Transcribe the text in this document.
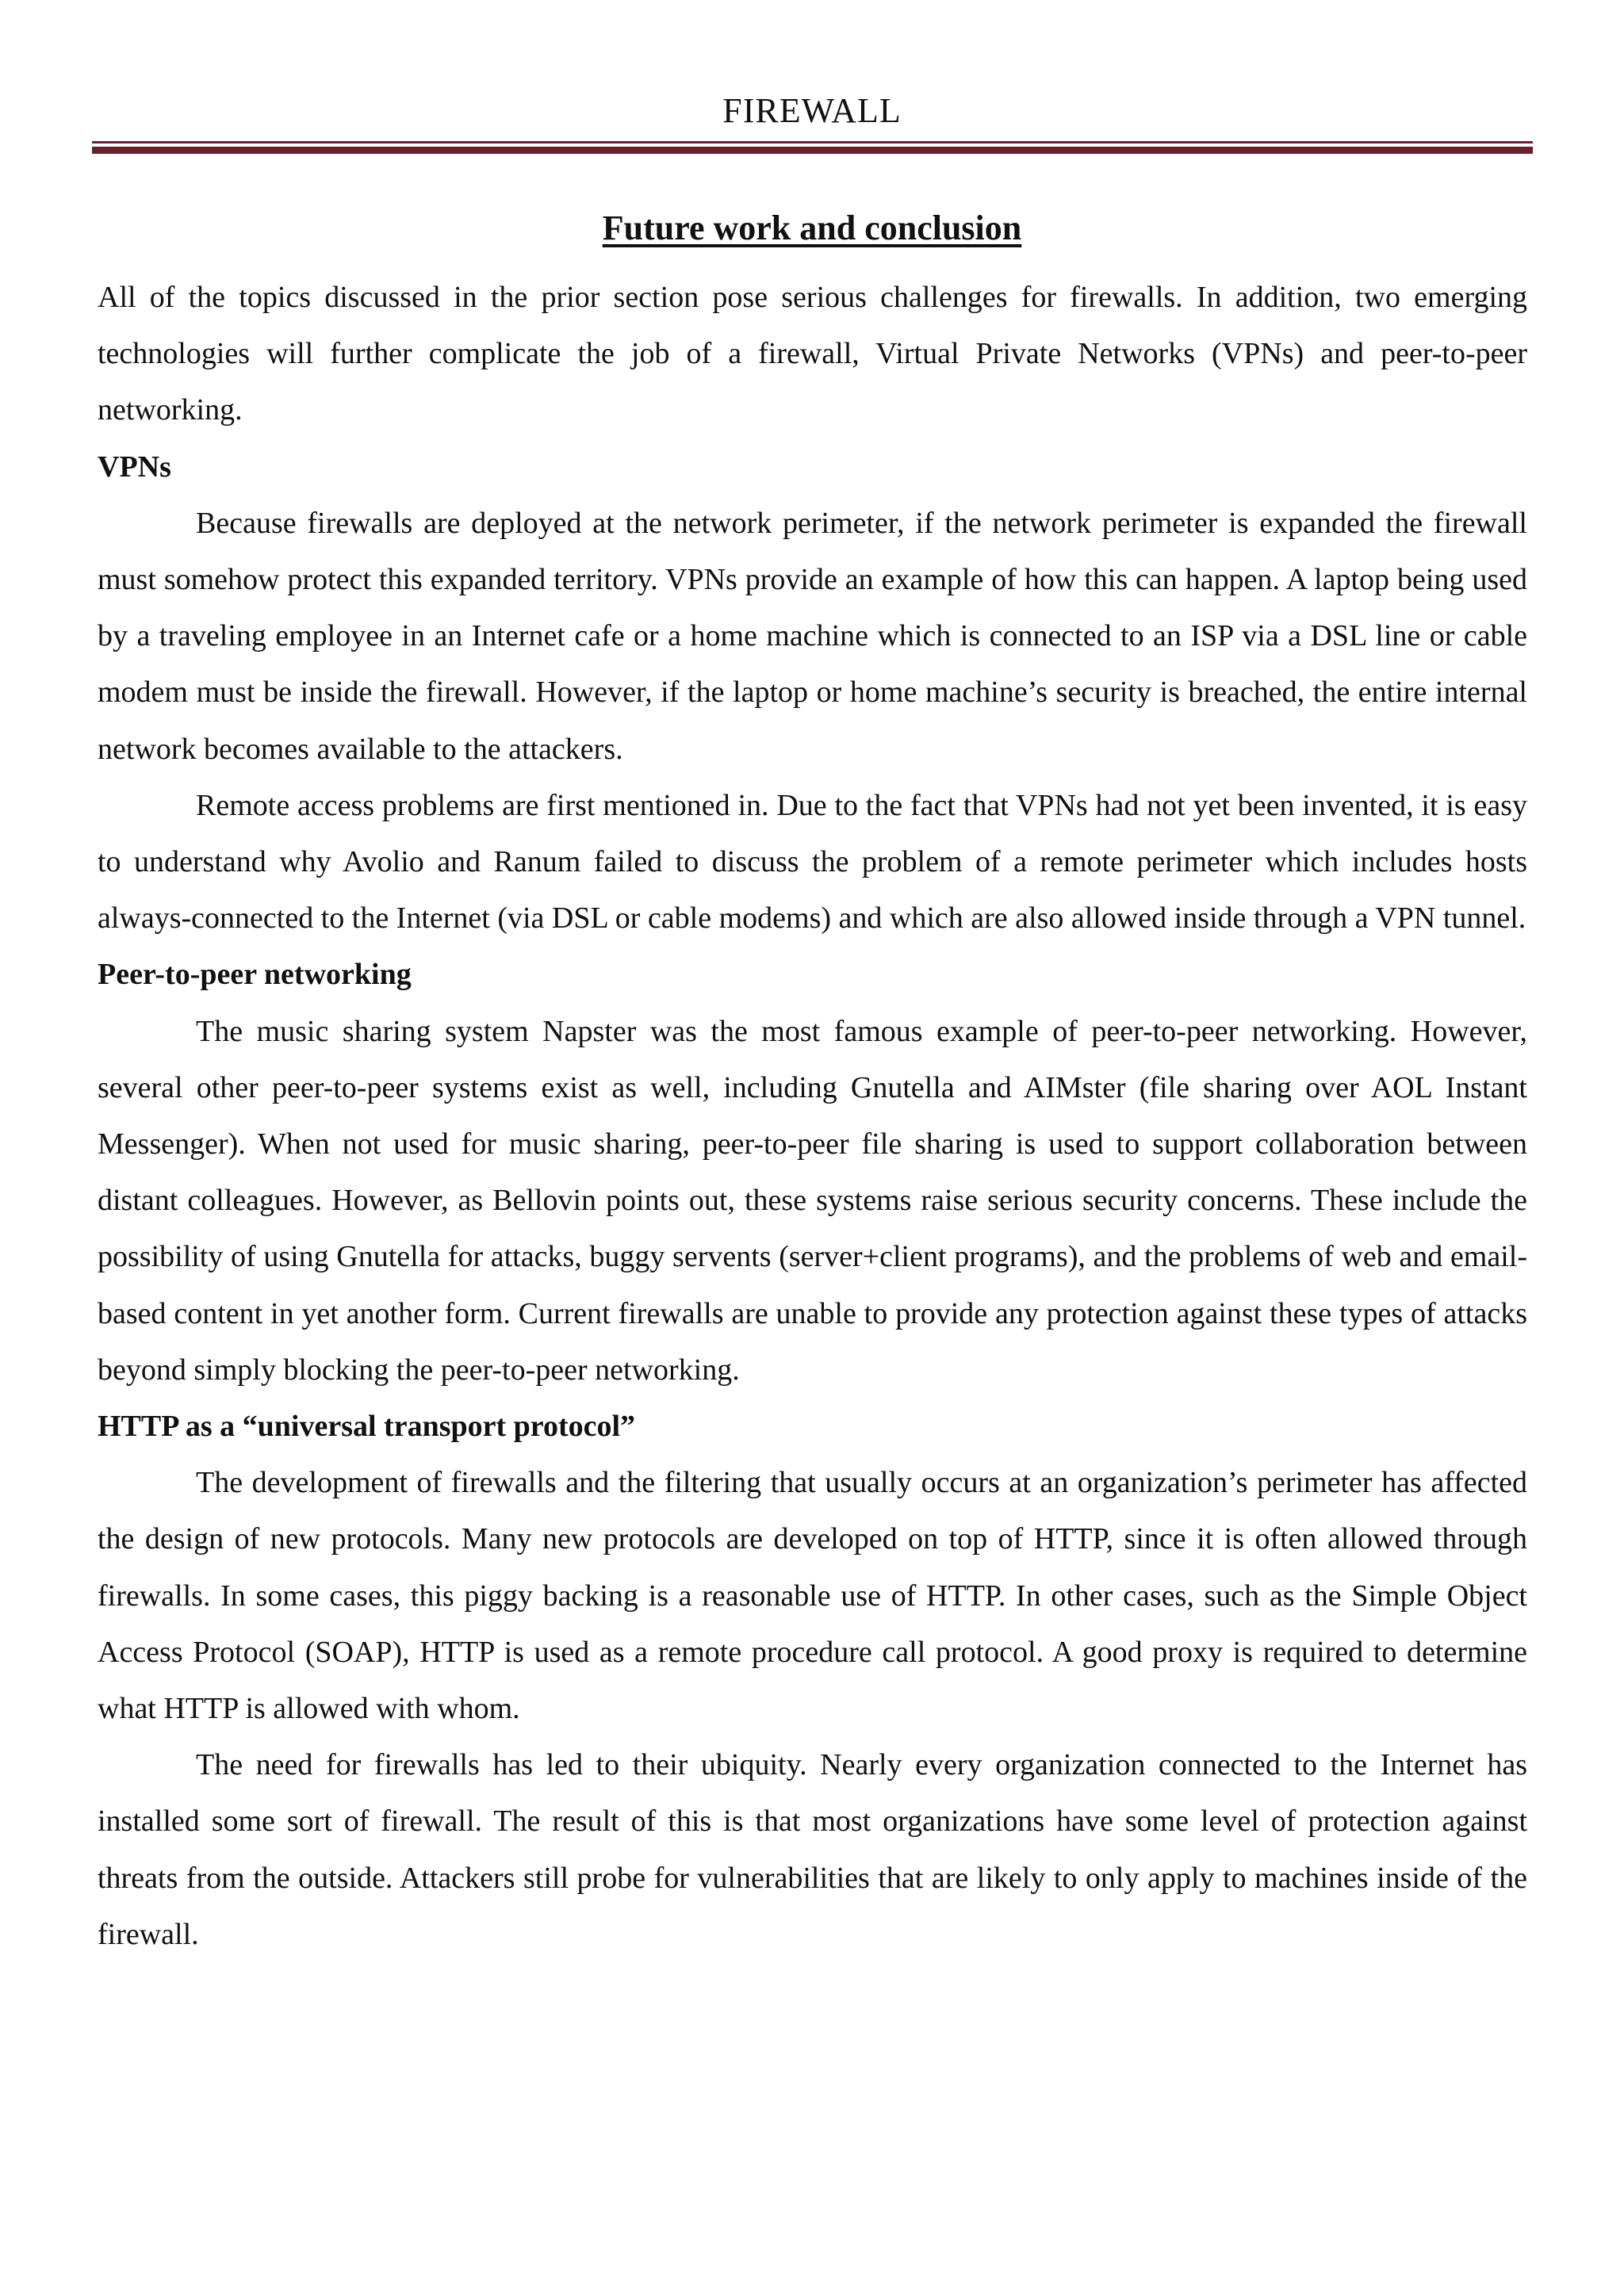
FIREWALL
Future work and conclusion

All of the topics discussed in the prior section pose serious challenges for firewalls. In addition, two emerging technologies will further complicate the job of a firewall, Virtual Private Networks (VPNs) and peer-to-peer networking.

VPNs

Because firewalls are deployed at the network perimeter, if the network perimeter is expanded the firewall must somehow protect this expanded territory. VPNs provide an example of how this can happen. A laptop being used by a traveling employee in an Internet cafe or a home machine which is connected to an ISP via a DSL line or cable modem must be inside the firewall. However, if the laptop or home machine’s security is breached, the entire internal network becomes available to the attackers.

Remote access problems are first mentioned in. Due to the fact that VPNs had not yet been invented, it is easy to understand why Avolio and Ranum failed to discuss the problem of a remote perimeter which includes hosts always-connected to the Internet (via DSL or cable modems) and which are also allowed inside through a VPN tunnel.

Peer-to-peer networking

The music sharing system Napster was the most famous example of peer-to-peer networking. However, several other peer-to-peer systems exist as well, including Gnutella and AIMster (file sharing over AOL Instant Messenger). When not used for music sharing, peer-to-peer file sharing is used to support collaboration between distant colleagues. However, as Bellovin points out, these systems raise serious security concerns. These include the possibility of using Gnutella for attacks, buggy servents (server+client programs), and the problems of web and email-based content in yet another form. Current firewalls are unable to provide any protection against these types of attacks beyond simply blocking the peer-to-peer networking.

HTTP as a “universal transport protocol”

The development of firewalls and the filtering that usually occurs at an organization’s perimeter has affected the design of new protocols. Many new protocols are developed on top of HTTP, since it is often allowed through firewalls. In some cases, this piggy backing is a reasonable use of HTTP. In other cases, such as the Simple Object Access Protocol (SOAP), HTTP is used as a remote procedure call protocol. A good proxy is required to determine what HTTP is allowed with whom.

The need for firewalls has led to their ubiquity. Nearly every organization connected to the Internet has installed some sort of firewall. The result of this is that most organizations have some level of protection against threats from the outside. Attackers still probe for vulnerabilities that are likely to only apply to machines inside of the firewall.
